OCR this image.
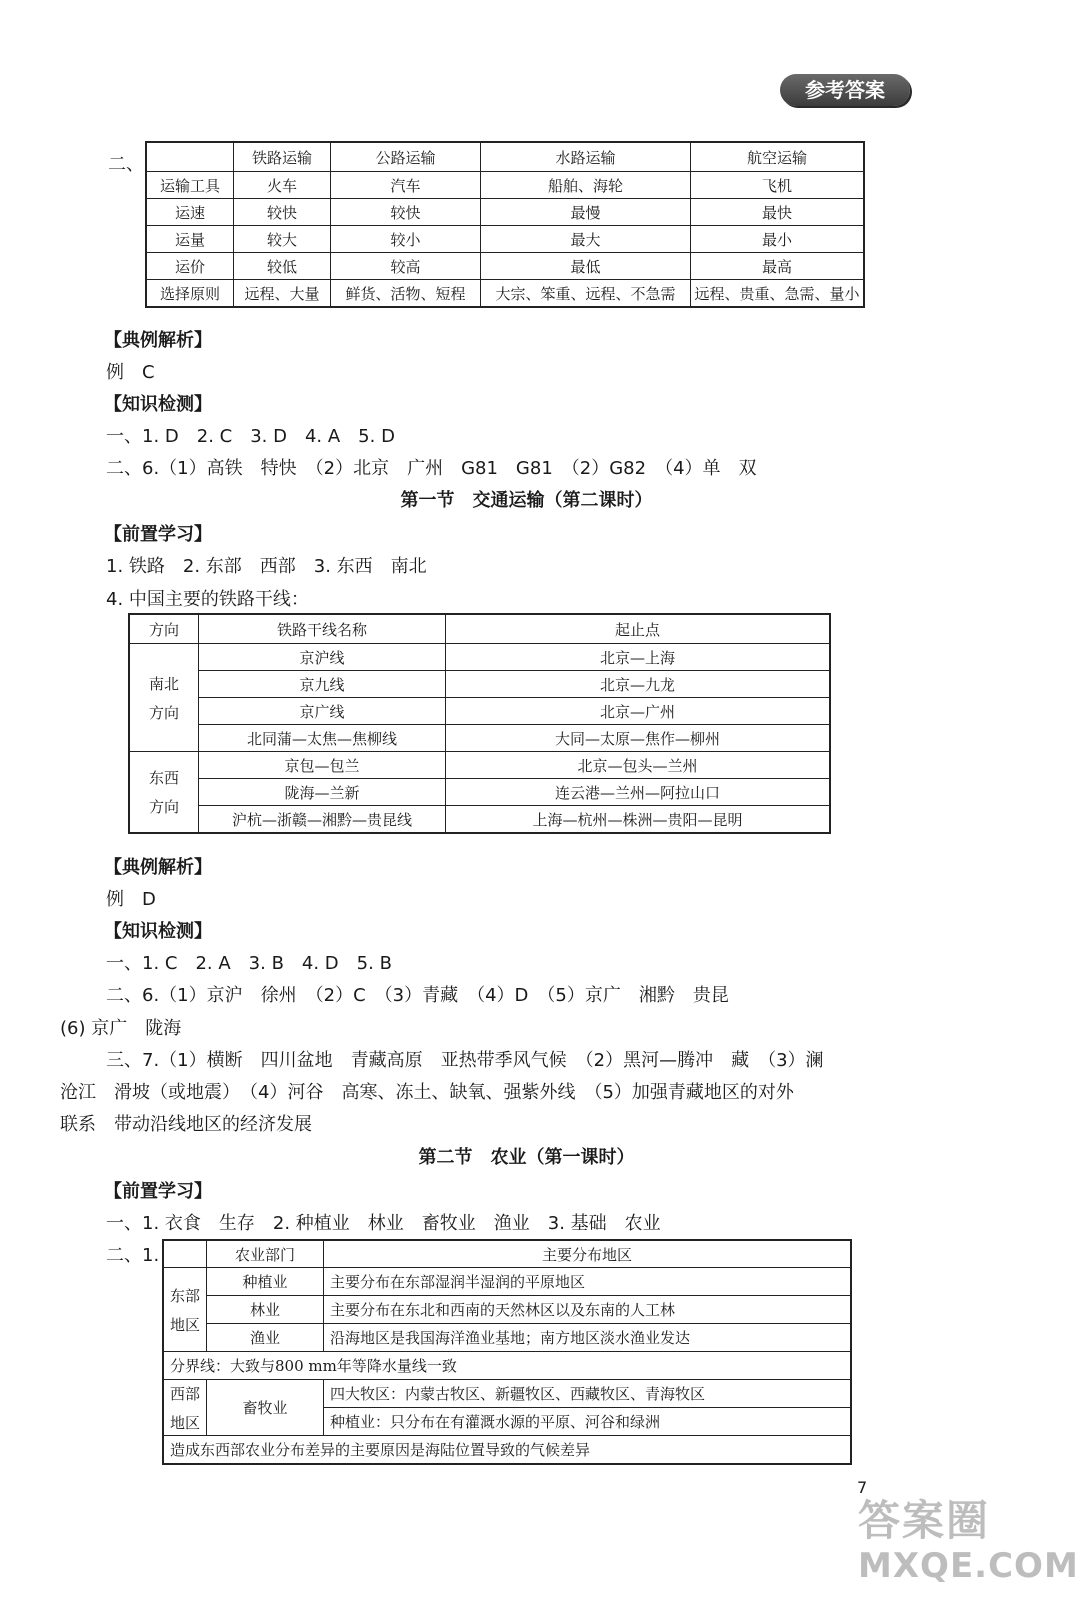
参考答案
二、
		铁路运输	公路运输	水路运输	航空运输
运输工具	火车	汽车	船舶、海轮	飞机
运速	较快	较快	最慢	最快
运量	较大	较小	最大	最小
运价	较低	较高	最低	最高
选择原则	远程、大量	鲜货、活物、短程	大宗、笨重、远程、不急需	远程、贵重、急需、量小
【典例解析】
例　C
【知识检测】
一、1. D　2. C　3. D　4. A　5. D
二、6.（1）高铁　特快　（2）北京　广州　G81　G81　（2）G82　（4）单　双
第一节　交通运输（第二课时）
【前置学习】
1. 铁路　2. 东部　西部　3. 东西　南北
4. 中国主要的铁路干线：
方向	铁路干线名称	起止点

南北
方向	京沪线	北京—上海
	京九线	北京—九龙
	京广线	北京—广州
	北同蒲—太焦—焦柳线	大同—太原—焦作—柳州

东西
方向	京包—包兰	北京—包头—兰州
	陇海—兰新	连云港—兰州—阿拉山口
	沪杭—浙赣—湘黔—贵昆线	上海—杭州—株洲—贵阳—昆明
【典例解析】
例　D
【知识检测】
一、1. C　2. A　3. B　4. D　5. B
二、6.（1）京沪　徐州　（2）C　（3）青藏　（4）D　（5）京广　湘黔　贵昆
(6) 京广　陇海
三、7.（1）横断　四川盆地　青藏高原　亚热带季风气候　（2）黑河—腾冲　藏　（3）澜
沧江　滑坡（或地震）　（4）河谷　高寒、冻土、缺氧、强紫外线　（5）加强青藏地区的对外
联系　带动沿线地区的经济发展
第二节　农业（第一课时）
【前置学习】
一、1. 衣食　生存　2. 种植业　林业　畜牧业　渔业　3. 基础　农业
二、1.
		农业部门	主要分布地区

东部
地区	种植业	主要分布在东部湿润半湿润的平原地区
	林业	主要分布在东北和西南的天然林区以及东南的人工林
	渔业	沿海地区是我国海洋渔业基地；南方地区淡水渔业发达
分界线：大致与800 mm年等降水量线一致		

西部
地区	畜牧业	四大牧区：内蒙古牧区、新疆牧区、西藏牧区、青海牧区
		种植业：只分布在有灌溉水源的平原、河谷和绿洲
造成东西部农业分布差异的主要原因是海陆位置导致的气候差异		
7
答案圈
MXQE.COM
